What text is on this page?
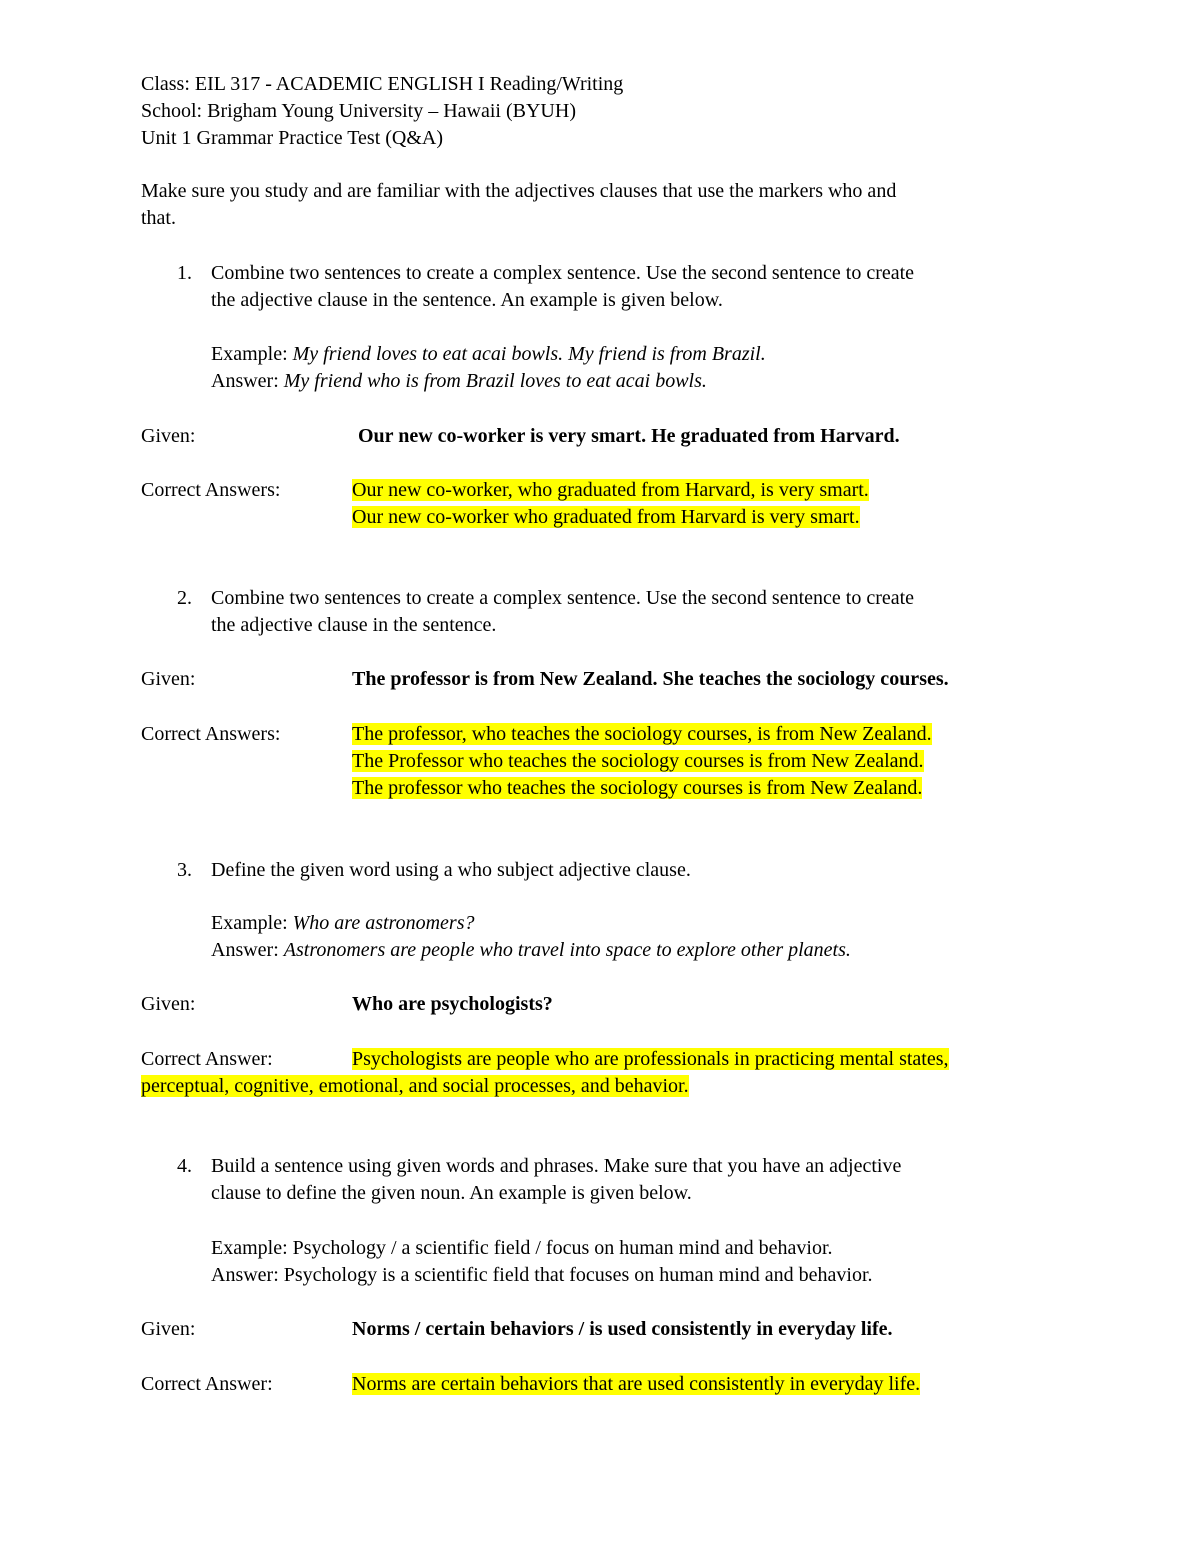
Class: EIL 317 - ACADEMIC ENGLISH I Reading/Writing
School: Brigham Young University – Hawaii (BYUH)
Unit 1 Grammar Practice Test (Q&A)
Make sure you study and are familiar with the adjectives clauses that use the markers who and
that.
1. Combine two sentences to create a complex sentence. Use the second sentence to create
the adjective clause in the sentence. An example is given below.
Example: My friend loves to eat acai bowls. My friend is from Brazil.
Answer: My friend who is from Brazil loves to eat acai bowls.
Given:	Our new co-worker is very smart. He graduated from Harvard.
Correct Answers:	Our new co-worker, who graduated from Harvard, is very smart.
Our new co-worker who graduated from Harvard is very smart.
2. Combine two sentences to create a complex sentence. Use the second sentence to create
the adjective clause in the sentence.
Given:	The professor is from New Zealand. She teaches the sociology courses.
Correct Answers:	The professor, who teaches the sociology courses, is from New Zealand.
The Professor who teaches the sociology courses is from New Zealand.
The professor who teaches the sociology courses is from New Zealand.
3. Define the given word using a who subject adjective clause.
Example: Who are astronomers?
Answer: Astronomers are people who travel into space to explore other planets.
Given:	Who are psychologists?
Correct Answer:	Psychologists are people who are professionals in practicing mental states,
perceptual, cognitive, emotional, and social processes, and behavior.
4. Build a sentence using given words and phrases. Make sure that you have an adjective
clause to define the given noun. An example is given below.
Example: Psychology / a scientific field / focus on human mind and behavior.
Answer: Psychology is a scientific field that focuses on human mind and behavior.
Given:	Norms / certain behaviors / is used consistently in everyday life.
Correct Answer:	Norms are certain behaviors that are used consistently in everyday life.
